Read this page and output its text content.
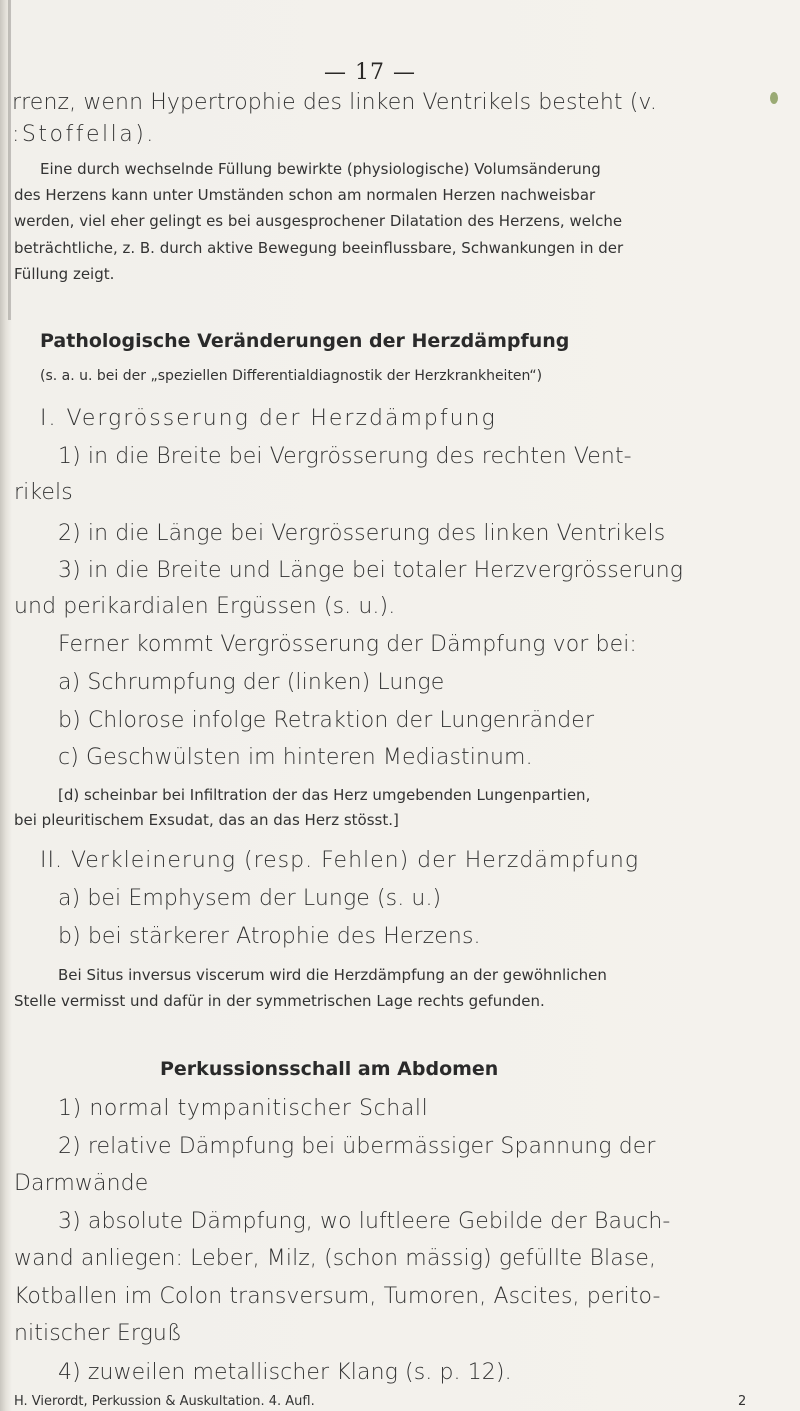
— 17 —
rrenz, wenn Hypertrophie des linken Ventrikels besteht (v.
:Stoffella).
Eine durch wechselnde Füllung bewirkte (physiologische) Volumsänderung
des Herzens kann unter Umständen schon am normalen Herzen nachweisbar
werden, viel eher gelingt es bei ausgesprochener Dilatation des Herzens, welche
beträchtliche, z. B. durch aktive Bewegung beeinflussbare, Schwankungen in der
Füllung zeigt.
Pathologische Veränderungen der Herzdämpfung
(s. a. u. bei der „speziellen Differentialdiagnostik der Herzkrankheiten“)
I. Vergrösserung der Herzdämpfung
1) in die Breite bei Vergrösserung des rechten Vent-
rikels
2) in die Länge bei Vergrösserung des linken Ventrikels
3) in die Breite und Länge bei totaler Herzvergrösserung
und perikardialen Ergüssen (s. u.).
Ferner kommt Vergrösserung der Dämpfung vor bei:
a) Schrumpfung der (linken) Lunge
b) Chlorose infolge Retraktion der Lungenränder
c) Geschwülsten im hinteren Mediastinum.
[d) scheinbar bei Infiltration der das Herz umgebenden Lungenpartien,
bei pleuritischem Exsudat, das an das Herz stösst.]
II. Verkleinerung (resp. Fehlen) der Herzdämpfung
a) bei Emphysem der Lunge (s. u.)
b) bei stärkerer Atrophie des Herzens.
Bei Situs inversus viscerum wird die Herzdämpfung an der gewöhnlichen
Stelle vermisst und dafür in der symmetrischen Lage rechts gefunden.
Perkussionsschall am Abdomen
1) normal tympanitischer Schall
2) relative Dämpfung bei übermässiger Spannung der
Darmwände
3) absolute Dämpfung, wo luftleere Gebilde der Bauch-
wand anliegen: Leber, Milz, (schon mässig) gefüllte Blase,
Kotballen im Colon transversum, Tumoren, Ascites, perito-
nitischer Erguß
4) zuweilen metallischer Klang (s. p. 12).
H. Vierordt, Perkussion & Auskultation. 4. Aufl.	2
